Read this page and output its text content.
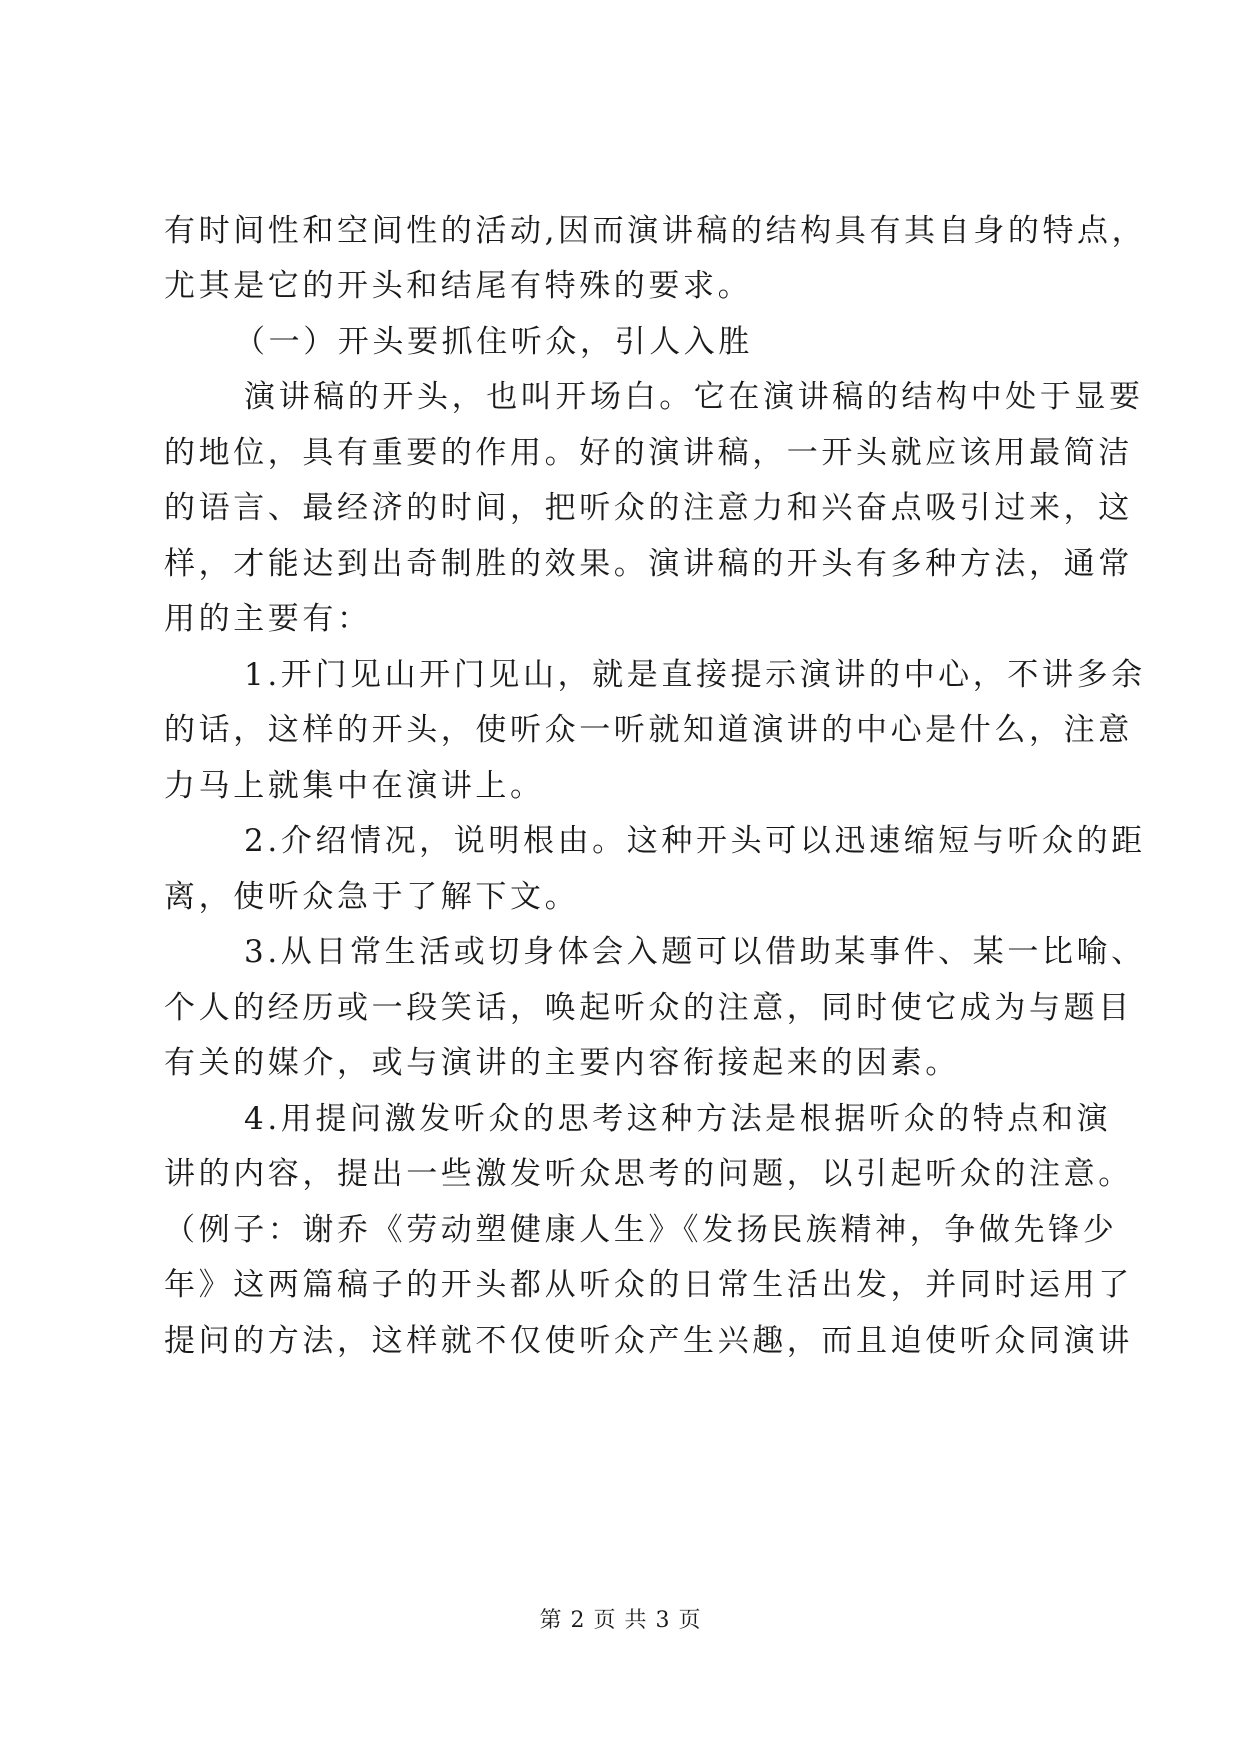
有时间性和空间性的活动,因而演讲稿的结构具有其自身的特点，
尤其是它的开头和结尾有特殊的要求。
（一）开头要抓住听众，引人入胜
演讲稿的开头，也叫开场白。它在演讲稿的结构中处于显要
的地位，具有重要的作用。好的演讲稿，一开头就应该用最简洁
的语言、最经济的时间，把听众的注意力和兴奋点吸引过来，这
样，才能达到出奇制胜的效果。演讲稿的开头有多种方法，通常
用的主要有：
1.开门见山开门见山，就是直接提示演讲的中心，不讲多余
的话，这样的开头，使听众一听就知道演讲的中心是什么，注意
力马上就集中在演讲上。
2.介绍情况，说明根由。这种开头可以迅速缩短与听众的距
离，使听众急于了解下文。
3.从日常生活或切身体会入题可以借助某事件、某一比喻、
个人的经历或一段笑话，唤起听众的注意，同时使它成为与题目
有关的媒介，或与演讲的主要内容衔接起来的因素。
4.用提问激发听众的思考这种方法是根据听众的特点和演
讲的内容，提出一些激发听众思考的问题，以引起听众的注意。
（例子：谢乔《劳动塑健康人生》《发扬民族精神，争做先锋少
年》这两篇稿子的开头都从听众的日常生活出发，并同时运用了
提问的方法，这样就不仅使听众产生兴趣，而且迫使听众同演讲
第 2 页 共 3 页
